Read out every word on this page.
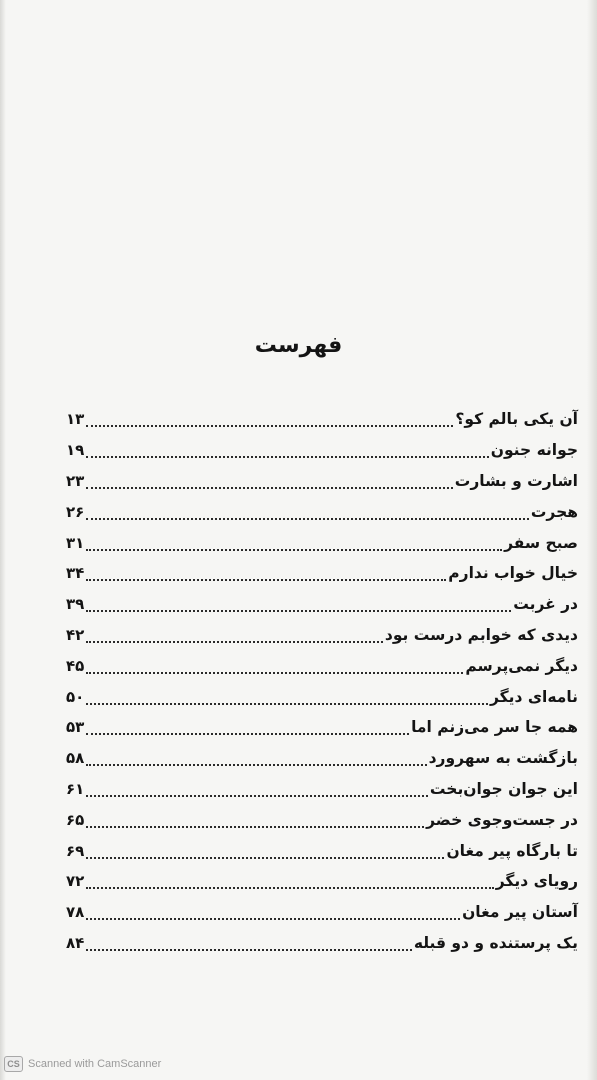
فهرست
آن یکی بالم کو؟
۱۳
جوانه جنون
۱۹
اشارت و بشارت
۲۳
هجرت
۲۶
صبح سفر
۳۱
خیال خواب ندارم
۳۴
در غربت
۳۹
دیدی که خوابم درست بود
۴۲
دیگر نمی‌پرسم
۴۵
نامه‌ای دیگر
۵۰
همه جا سر می‌زنم اما
۵۳
بازگشت به سهرورد
۵۸
این جوان جوان‌بخت
۶۱
در جست‌وجوی خضر
۶۵
تا بارگاه پیر مغان
۶۹
رویای دیگر
۷۲
آستان پیر مغان
۷۸
یک پرستنده و دو قبله
۸۴
CS Scanned with CamScanner
